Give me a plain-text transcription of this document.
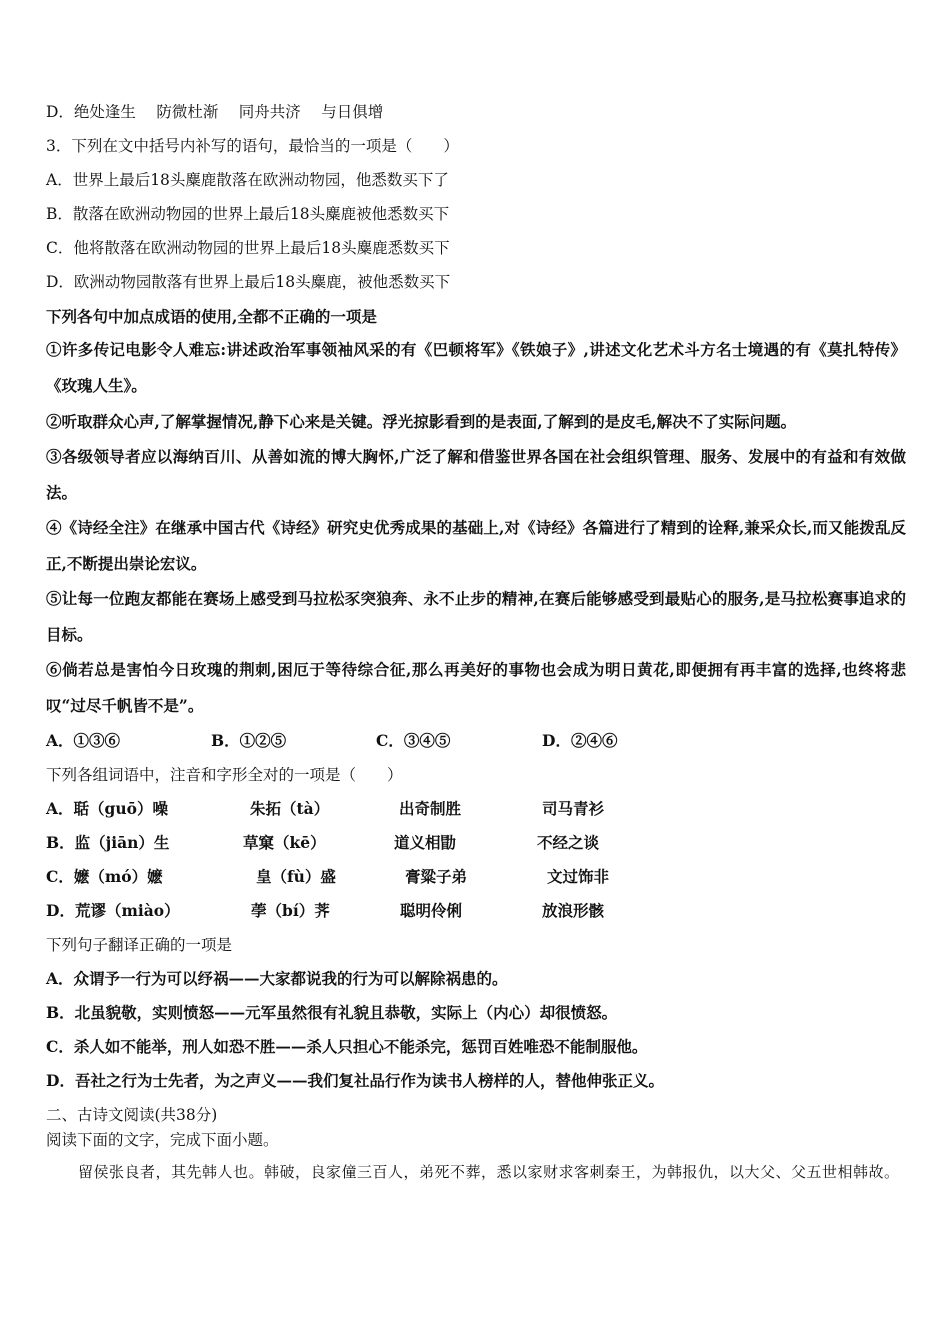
D．绝处逢生　 防微杜渐　 同舟共济　 与日俱增
3．下列在文中括号内补写的语句，最恰当的一项是（　　）
A．世界上最后18头麋鹿散落在欧洲动物园，他悉数买下了
B．散落在欧洲动物园的世界上最后18头麋鹿被他悉数买下
C．他将散落在欧洲动物园的世界上最后18头麋鹿悉数买下
D．欧洲动物园散落有世界上最后18头麋鹿，被他悉数买下
下列各句中加点成语的使用,全都不正确的一项是
①许多传记电影令人难忘:讲述政治军事领袖风采的有《巴顿将军》《铁娘子》,讲述文化艺术斗方名士境遇的有《莫扎特传》《玫瑰人生》。
②听取群众心声,了解掌握情况,静下心来是关键。浮光掠影看到的是表面,了解到的是皮毛,解决不了实际问题。
③各级领导者应以海纳百川、从善如流的博大胸怀,广泛了解和借鉴世界各国在社会组织管理、服务、发展中的有益和有效做法。
④《诗经全注》在继承中国古代《诗经》研究史优秀成果的基础上,对《诗经》各篇进行了精到的诠释,兼采众长,而又能拨乱反正,不断提出崇论宏议。
⑤让每一位跑友都能在赛场上感受到马拉松豕突狼奔、永不止步的精神,在赛后能够感受到最贴心的服务,是马拉松赛事追求的目标。
⑥倘若总是害怕今日玫瑰的荆刺,困厄于等待综合征,那么再美好的事物也会成为明日黄花,即便拥有再丰富的选择,也终将悲叹“过尽千帆皆不是”。
A．①③⑥	B．①②⑤	C．③④⑤	D．②④⑥
下列各组词语中，注音和字形全对的一项是（　　）
A．聒（guō）噪	朱拓（tà）	出奇制胜	司马青衫
B．监（jiān）生	草窠（kē）	道义相勖	不经之谈
C．嬷（mó）嬷	皇（fù）盛	膏粱子弟	文过饰非
D．荒谬（miào）	荸（bí）荠	聪明伶俐	放浪形骸
下列句子翻译正确的一项是
A．众谓予一行为可以纾祸——大家都说我的行为可以解除祸患的。
B．北虽貌敬，实则愤怒——元军虽然很有礼貌且恭敬，实际上（内心）却很愤怒。
C．杀人如不能举，刑人如恐不胜——杀人只担心不能杀完，惩罚百姓唯恐不能制服他。
D．吾社之行为士先者，为之声义——我们复社品行作为读书人榜样的人，替他伸张正义。
二、古诗文阅读(共38分)
阅读下面的文字，完成下面小题。
留侯张良者，其先韩人也。韩破，良家僮三百人，弟死不葬，悉以家财求客刺秦王，为韩报仇，以大父、父五世相韩故。
